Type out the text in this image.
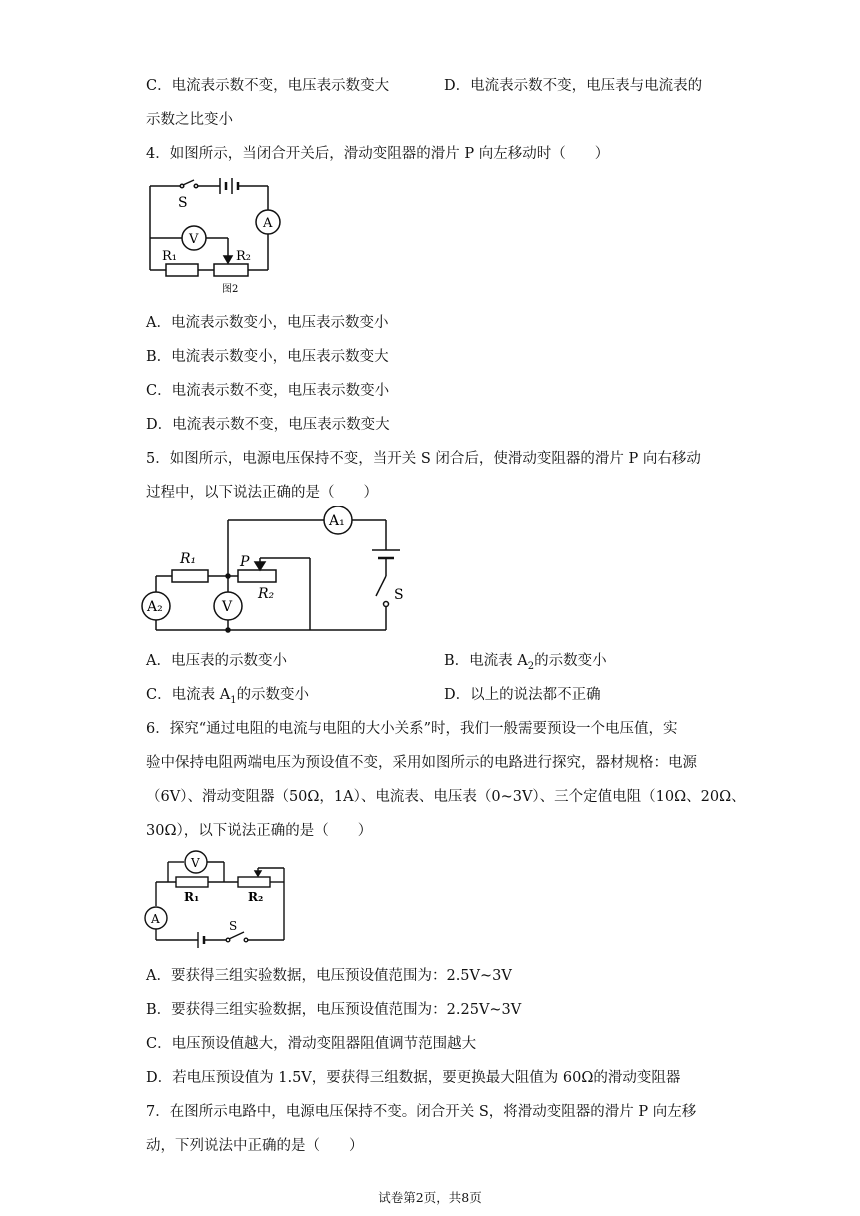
C．电流表示数不变，电压表示数变大	D．电流表示数不变，电压表与电流表的
示数之比变小
4．如图所示，当闭合开关后，滑动变阻器的滑片 P 向左移动时（　　）
S
A
V
R₁	R₂
图2
A．电流表示数变小，电压表示数变小
B．电流表示数变小，电压表示数变大
C．电流表示数不变，电压表示数变小
D．电流表示数不变，电压表示数变大
5．如图所示，电源电压保持不变，当开关 S 闭合后，使滑动变阻器的滑片 P 向右移动
过程中，以下说法正确的是（　　）
A₁
A₂	V
R₁
R₂
P
S
A．电压表的示数变小	B．电流表 $A_2$的示数变小
C．电流表 $A_1$的示数变小	D．以上的说法都不正确
6．探究“通过电阻的电流与电阻的大小关系”时，我们一般需要预设一个电压值，实
验中保持电阻两端电压为预设值不变，采用如图所示的电路进行探究，器材规格：电源
（6V）、滑动变阻器（50Ω，1A）、电流表、电压表（0~3V）、三个定值电阻（10Ω、20Ω、
30Ω），以下说法正确的是（　　）
V
A
R₁	R₂
S
A．要获得三组实验数据，电压预设值范围为：2.5V~3V
B．要获得三组实验数据，电压预设值范围为：2.25V~3V
C．电压预设值越大，滑动变阻器阻值调节范围越大
D．若电压预设值为 1.5V，要获得三组数据，要更换最大阻值为 60Ω的滑动变阻器
7．在图所示电路中，电源电压保持不变。闭合开关 S，将滑动变阻器的滑片 P 向左移
动，下列说法中正确的是（　　）
试卷第2页，共8页
